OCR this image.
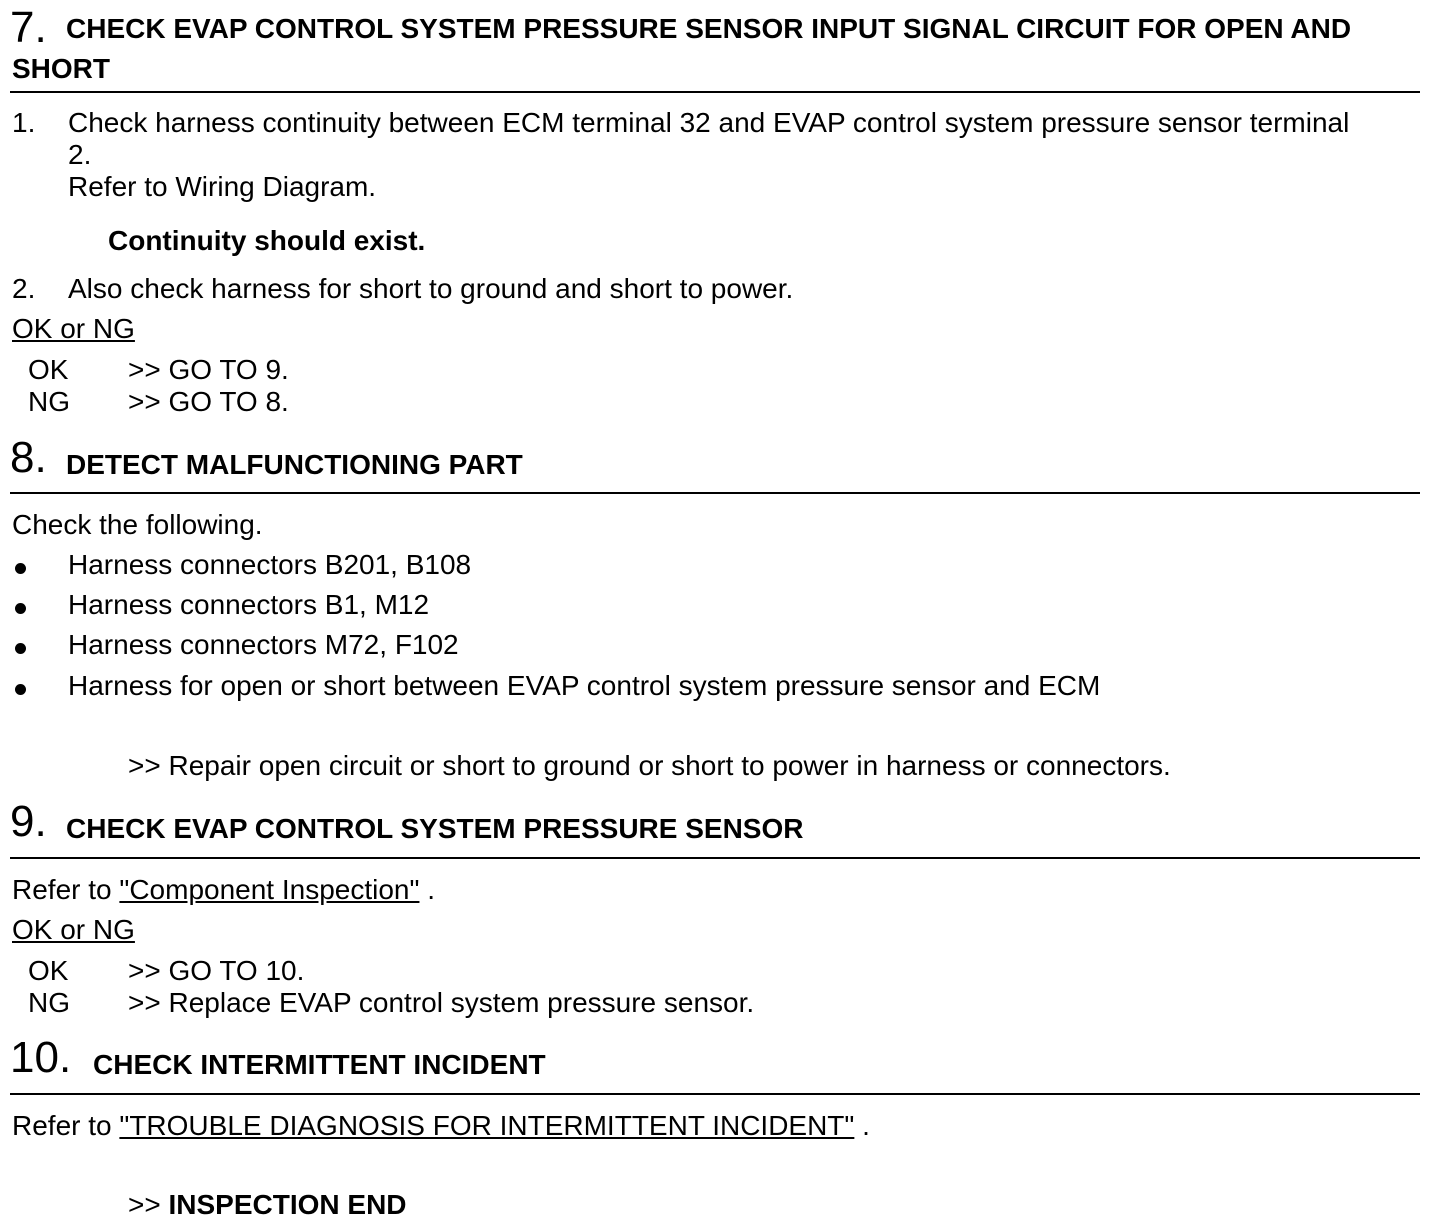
7. CHECK EVAP CONTROL SYSTEM PRESSURE SENSOR INPUT SIGNAL CIRCUIT FOR OPEN AND
SHORT
1. Check harness continuity between ECM terminal 32 and EVAP control system pressure sensor terminal
2.
Refer to Wiring Diagram.
Continuity should exist.
2. Also check harness for short to ground and short to power.
OK or NG
OK >> GO TO 9.
NG >> GO TO 8.
8. DETECT MALFUNCTIONING PART
Check the following.
Harness connectors B201, B108
Harness connectors B1, M12
Harness connectors M72, F102
Harness for open or short between EVAP control system pressure sensor and ECM
>> Repair open circuit or short to ground or short to power in harness or connectors.
9. CHECK EVAP CONTROL SYSTEM PRESSURE SENSOR
Refer to "Component Inspection" .
OK or NG
OK >> GO TO 10.
NG >> Replace EVAP control system pressure sensor.
10. CHECK INTERMITTENT INCIDENT
Refer to "TROUBLE DIAGNOSIS FOR INTERMITTENT INCIDENT" .
>> INSPECTION END
